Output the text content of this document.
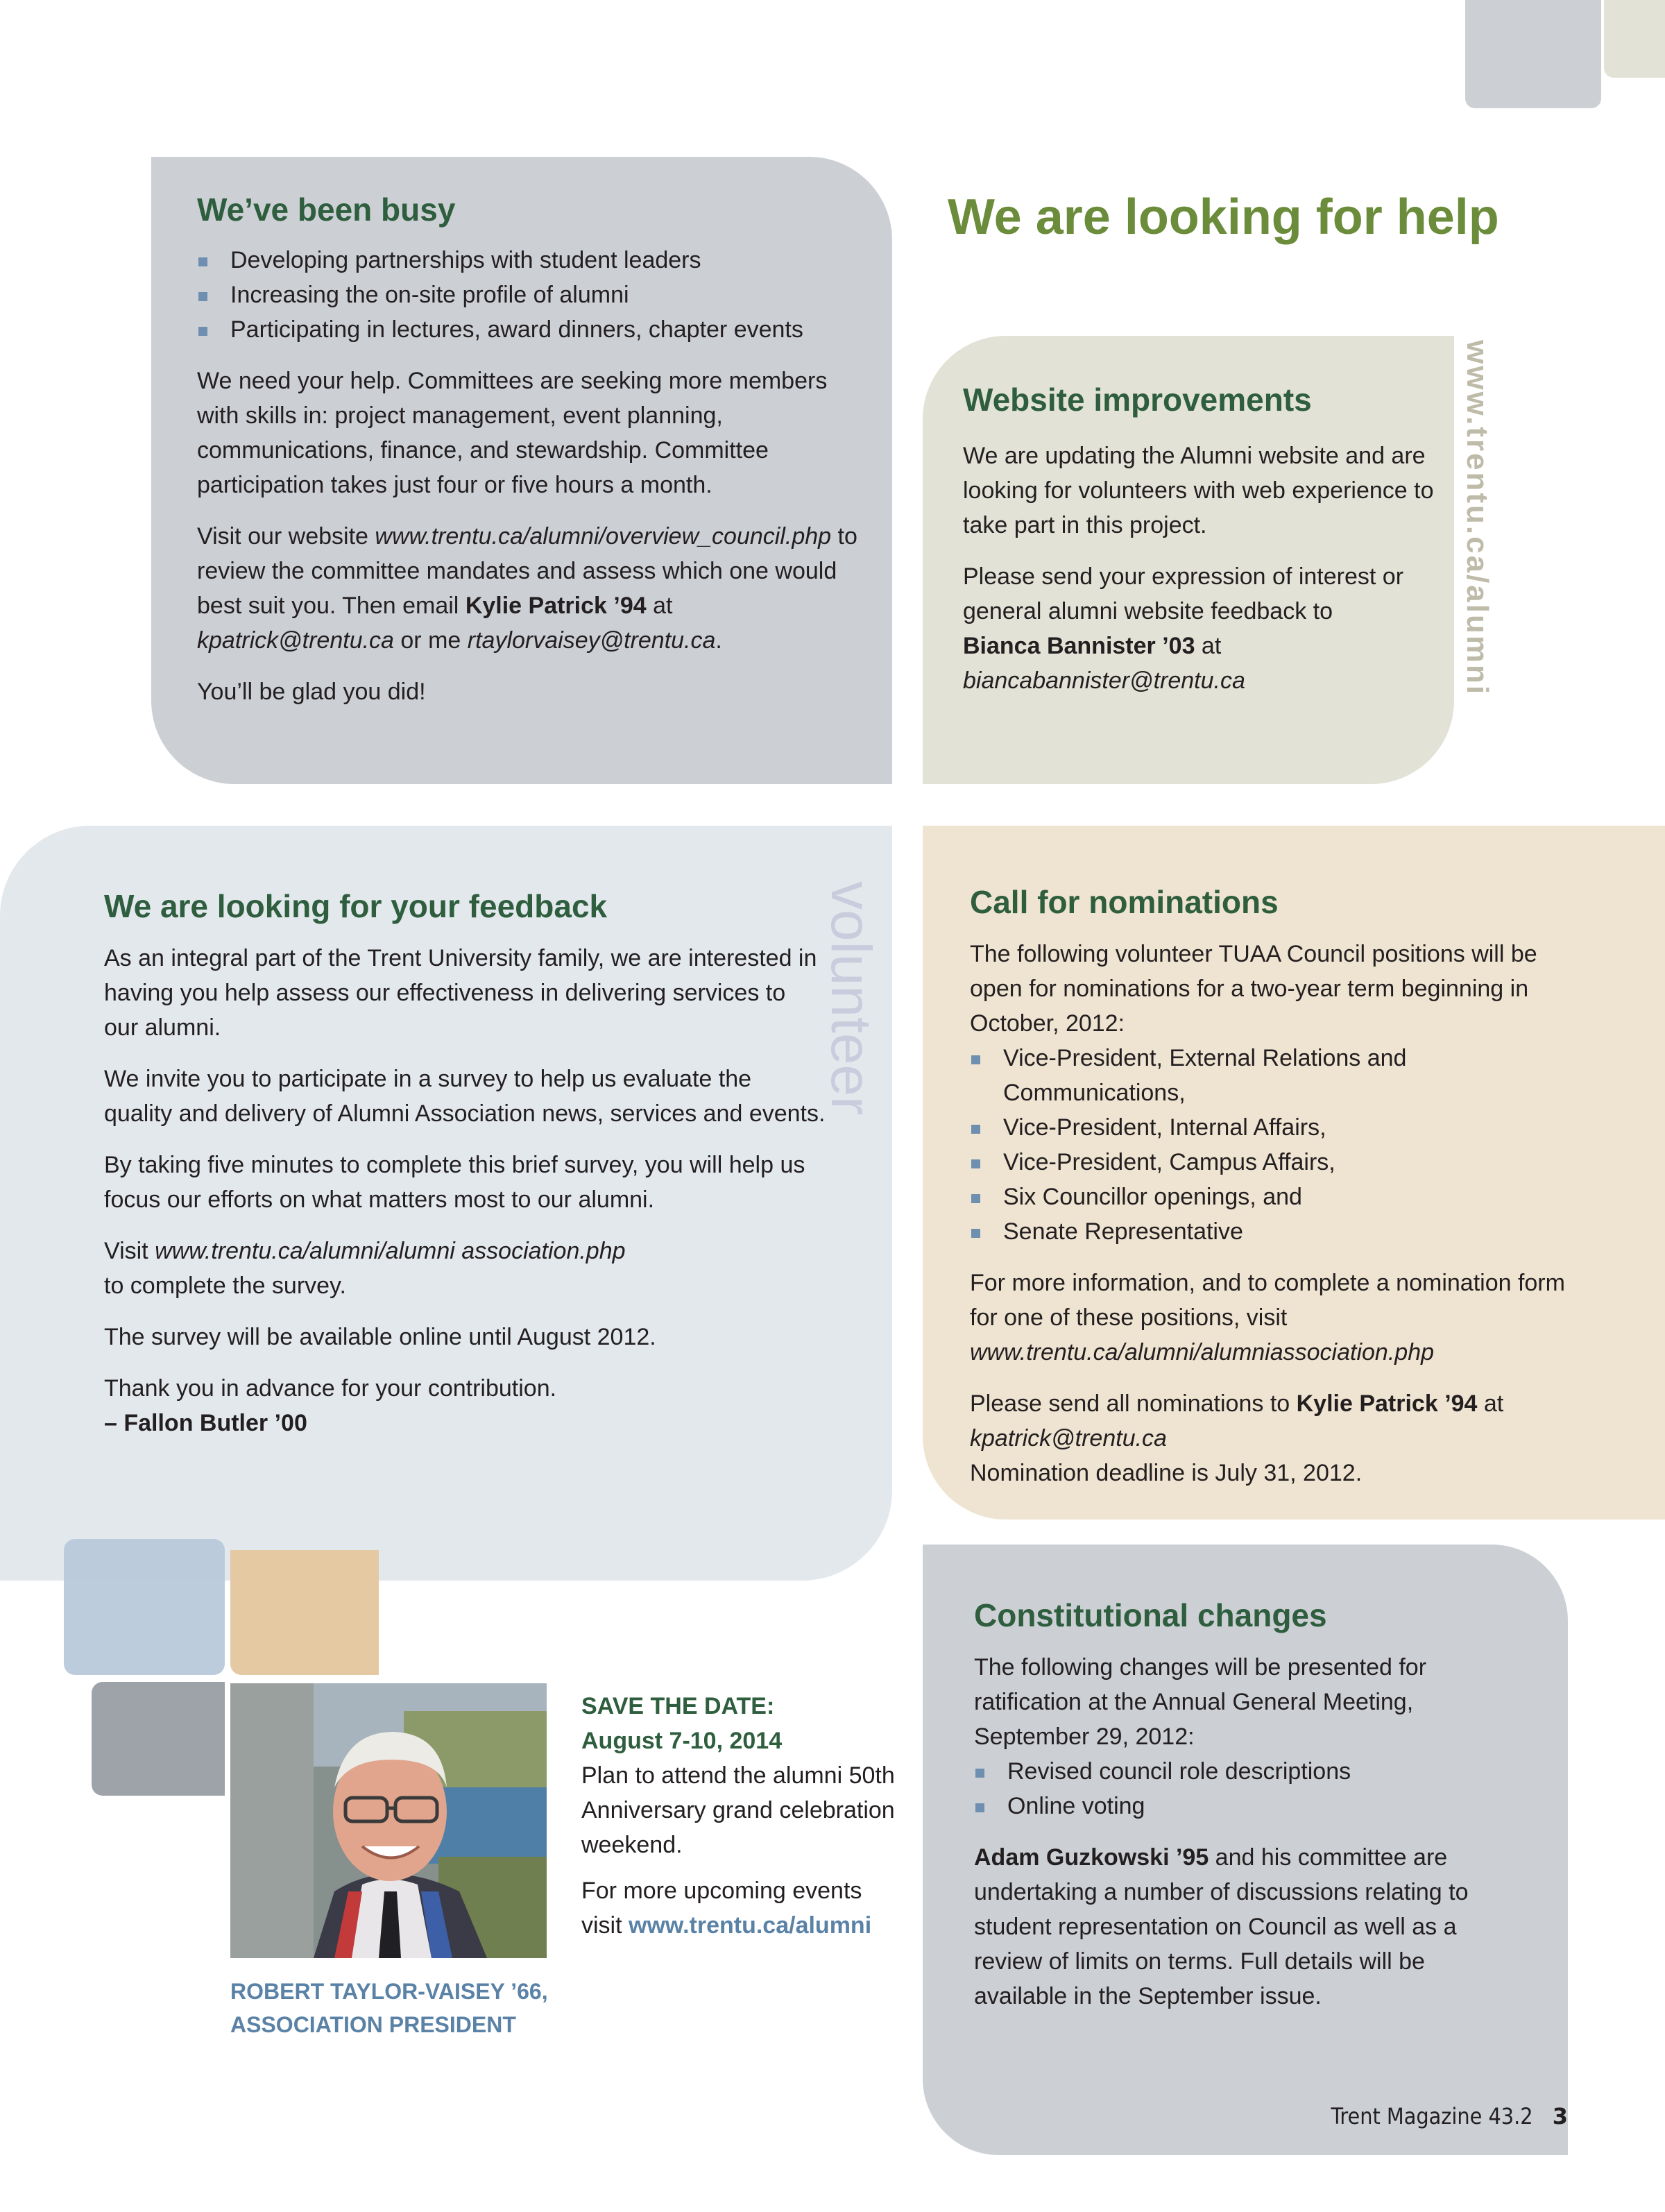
We’ve been busy
Developing partnerships with student leaders
Increasing the on-site profile of alumni
Participating in lectures, award dinners, chapter events

We need your help. Committees are seeking more members with skills in: project management, event planning, communications, finance, and stewardship. Committee participation takes just four or five hours a month.

Visit our website www.trentu.ca/alumni/overview_council.php to review the committee mandates and assess which one would best suit you. Then email Kylie Patrick ’94 at kpatrick@trentu.ca or me rtaylorvaisey@trentu.ca.

You’ll be glad you did!

We are looking for help
Website improvements

We are updating the Alumni website and are looking for volunteers with web experience to take part in this project.

Please send your expression of interest or general alumni website feedback to
Bianca Bannister ’03 at
biancabannister@trentu.ca	www.trentu.ca/alumni
volunteer
We are looking for your feedback

As an integral part of the Trent University family, we are interested in having you help assess our effectiveness in delivering services to our alumni.

We invite you to participate in a survey to help us evaluate the quality and delivery of Alumni Association news, services and events.

By taking five minutes to complete this brief survey, you will help us focus our efforts on what matters most to our alumni.

Visit www.trentu.ca/alumni/alumni association.php
to complete the survey.

The survey will be available online until August 2012.

Thank you in advance for your contribution.
– Fallon Butler ’00

Call for nominations

The following volunteer TUAA Council positions will be open for nominations for a two-year term beginning in October, 2012:

Vice-President, External Relations and Communications,
Vice-President, Internal Affairs,
Vice-President, Campus Affairs,
Six Councillor openings, and
Senate Representative

For more information, and to complete a nomination form for one of these positions, visit
www.trentu.ca/alumni/alumniassociation.php

Please send all nominations to Kylie Patrick ’94 at
kpatrick@trentu.ca
Nomination deadline is July 31, 2012.

Constitutional changes

The following changes will be presented for ratification at the Annual General Meeting, September 29, 2012:

Revised council role descriptions
Online voting

Adam Guzkowski ’95 and his committee are undertaking a number of discussions relating to student representation on Council as well as a review of limits on terms. Full details will be available in the September issue.

ROBERT TAYLOR-VAISEY ’66,
ASSOCIATION PRESIDENT
SAVE THE DATE:
August 7-10, 2014

Plan to attend the alumni 50th Anniversary grand celebration weekend.

For more upcoming events visit www.trentu.ca/alumni

Trent Magazine 43.2 3
